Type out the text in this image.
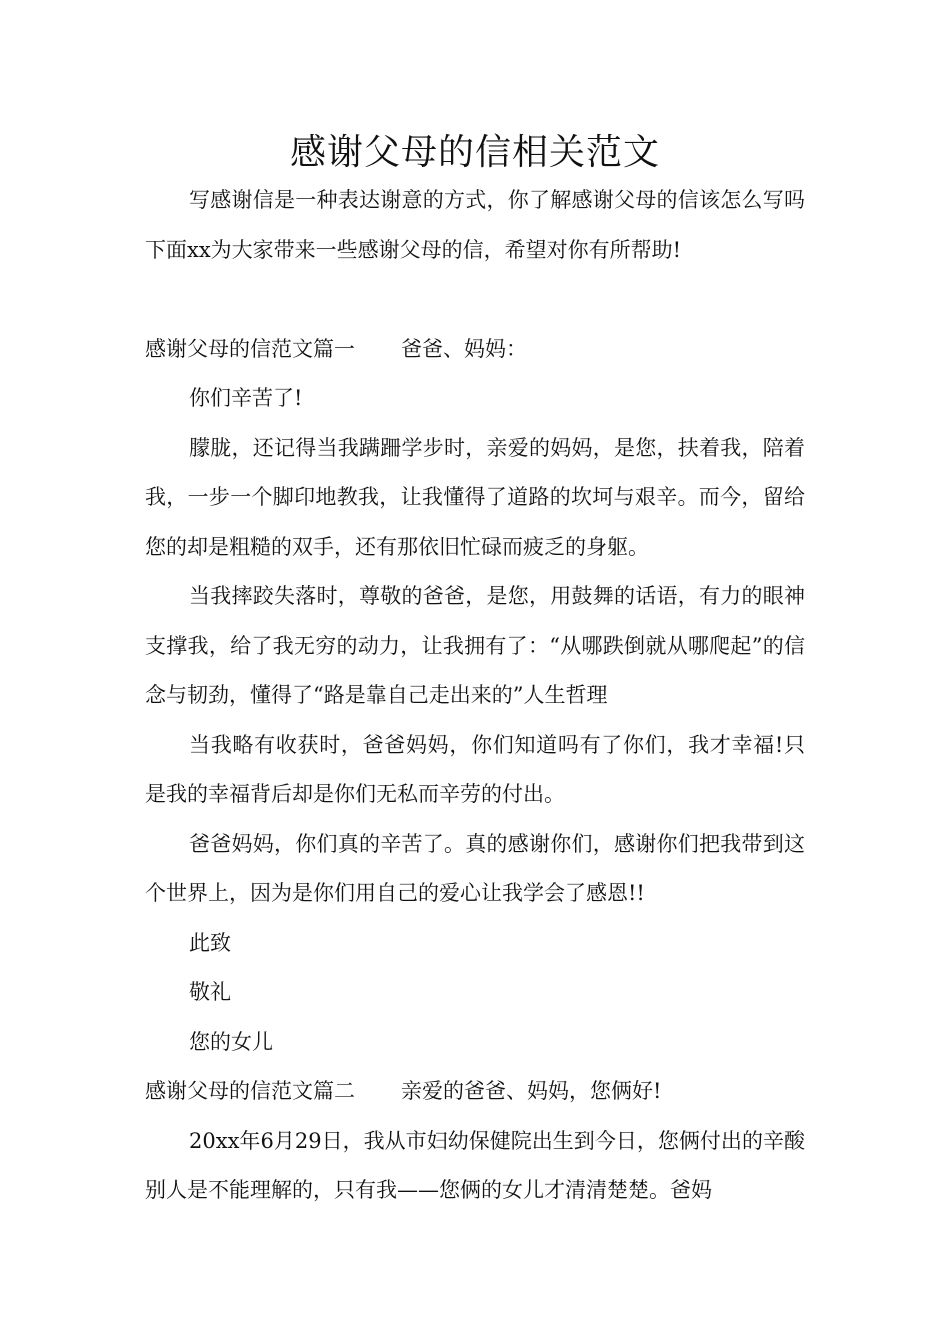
感谢父母的信相关范文

写感谢信是一种表达谢意的方式，你了解感谢父母的信该怎么写吗下面xx为大家带来一些感谢父母的信，希望对你有所帮助!

感谢父母的信范文篇一 爸爸、妈妈：

你们辛苦了!

朦胧，还记得当我蹒跚学步时，亲爱的妈妈，是您，扶着我，陪着我，一步一个脚印地教我，让我懂得了道路的坎坷与艰辛。而今，留给您的却是粗糙的双手，还有那依旧忙碌而疲乏的身躯。

当我摔跤失落时，尊敬的爸爸，是您，用鼓舞的话语，有力的眼神支撑我，给了我无穷的动力，让我拥有了：“从哪跌倒就从哪爬起”的信念与韧劲，懂得了“路是靠自己走出来的”人生哲理

当我略有收获时，爸爸妈妈，你们知道吗有了你们，我才幸福!只是我的幸福背后却是你们无私而辛劳的付出。

爸爸妈妈，你们真的辛苦了。真的感谢你们，感谢你们把我带到这个世界上，因为是你们用自己的爱心让我学会了感恩!!

此致

敬礼

您的女儿

感谢父母的信范文篇二 亲爱的爸爸、妈妈，您俩好!

20xx年6月29日，我从市妇幼保健院出生到今日，您俩付出的辛酸别人是不能理解的，只有我——您俩的女儿才清清楚楚。爸妈
